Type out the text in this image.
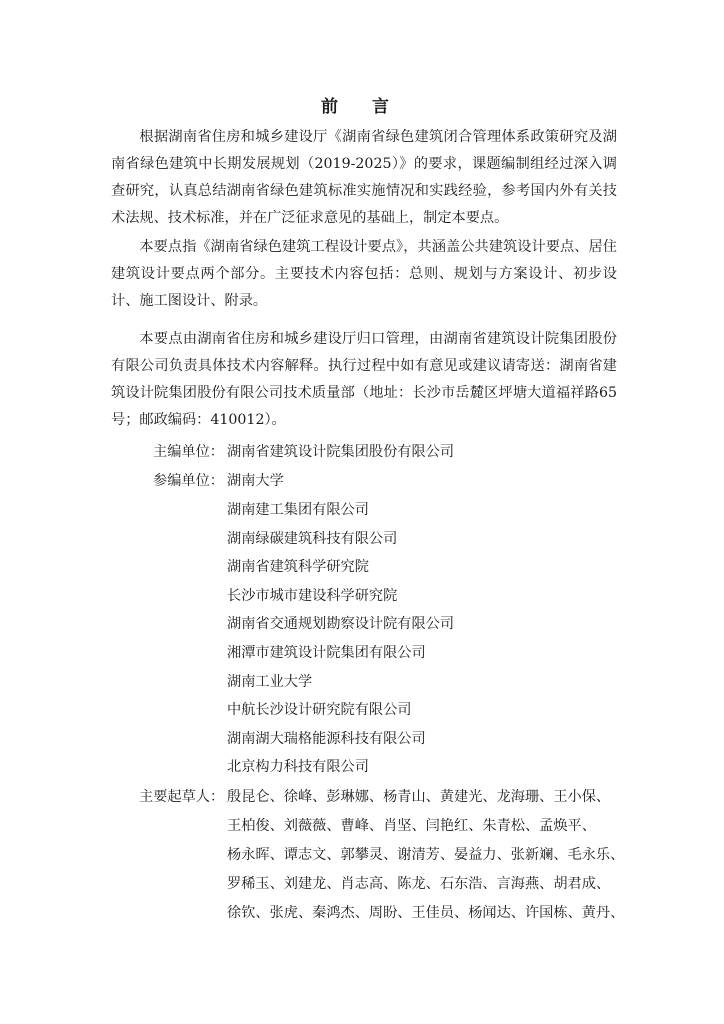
前 言

根据湖南省住房和城乡建设厅《湖南省绿色建筑闭合管理体系政策研究及湖南省绿色建筑中长期发展规划（2019-2025）》的要求，课题编制组经过深入调查研究，认真总结湖南省绿色建筑标准实施情况和实践经验，参考国内外有关技术法规、技术标准，并在广泛征求意见的基础上，制定本要点。

本要点指《湖南省绿色建筑工程设计要点》，共涵盖公共建筑设计要点、居住建筑设计要点两个部分。主要技术内容包括：总则、规划与方案设计、初步设计、施工图设计、附录。

本要点由湖南省住房和城乡建设厅归口管理，由湖南省建筑设计院集团股份有限公司负责具体技术内容解释。执行过程中如有意见或建议请寄送：湖南省建筑设计院集团股份有限公司技术质量部（地址：长沙市岳麓区坪塘大道福祥路65号；邮政编码：410012）。

主编单位： 湖南省建筑设计院集团股份有限公司
参编单位： 湖南大学
湖南建工集团有限公司
湖南绿碳建筑科技有限公司
湖南省建筑科学研究院
长沙市城市建设科学研究院
湖南省交通规划勘察设计院有限公司
湘潭市建筑设计院集团有限公司
湖南工业大学
中航长沙设计研究院有限公司
湖南湖大瑞格能源科技有限公司
北京构力科技有限公司
主要起草人： 殷昆仑、徐峰、彭琳娜、杨青山、黄建光、龙海珊、王小保、
王柏俊、刘薇薇、曹峰、肖坚、闫艳红、朱青松、孟焕平、
杨永晖、谭志文、郭攀灵、谢清芳、晏益力、张新斓、毛永乐、
罗稀玉、刘建龙、肖志高、陈龙、石东浩、言海燕、胡君成、
徐钦、张虎、秦鸿杰、周盼、王佳员、杨闻达、许国栋、黄丹、
